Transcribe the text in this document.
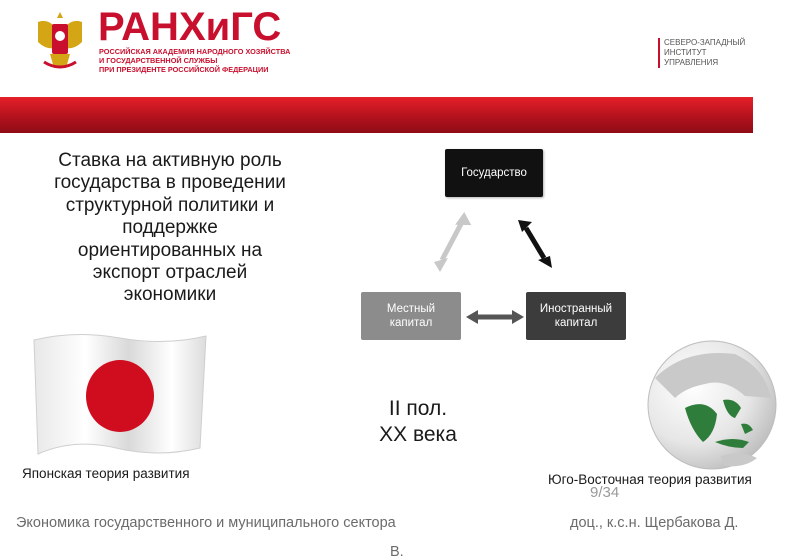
РАНХиГС
РОССИЙСКАЯ АКАДЕМИЯ НАРОДНОГО ХОЗЯЙСТВА
И ГОСУДАРСТВЕННОЙ СЛУЖБЫ
ПРИ ПРЕЗИДЕНТЕ РОССИЙСКОЙ ФЕДЕРАЦИИ
СЕВЕРО-ЗАПАДНЫЙ
ИНСТИТУТ
УПРАВЛЕНИЯ
Ставка на активную роль
государства в проведении
структурной политики и
поддержке
ориентированных на
экспорт отраслей
экономики
Государство
Местный
капитал
Иностранный
капитал
II пол.
XX века
Японская теория развития
9/34
Юго-Восточная теория развития
Экономика государственного и муниципального сектора	доц., к.с.н. Щербакова Д.
В.
